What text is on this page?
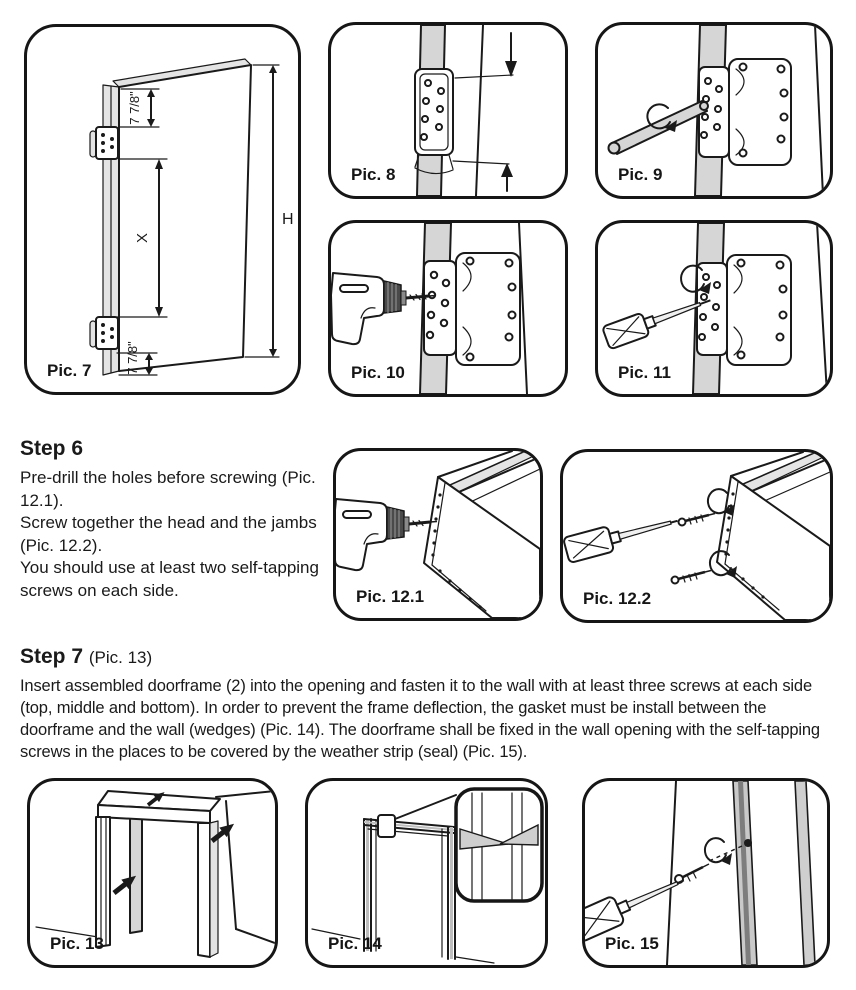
7 7/8"
X
7 7/8"
H
Pic. 7
Pic. 8	Pic. 9
Pic. 10	Pic. 11
Step 6
Pre-drill the holes before screwing (Pic. 12.1).
Screw together the head and the jambs
(Pic. 12.2).
You should use at least two self-tapping
screws on each side.	Pic. 12.1	Pic. 12.2
Step 7 (Pic. 13)
Insert assembled doorframe (2) into the opening and fasten it to the wall with at least three screws at each side (top, middle and bottom). In order to prevent the frame deflection, the gasket must be install between the doorframe and the wall (wedges) (Pic. 14). The doorframe shall be fixed in the wall opening with the self-tapping screws in the places to be covered by the weather strip (seal) (Pic. 15).
Pic. 13	Pic. 14	Pic. 15
